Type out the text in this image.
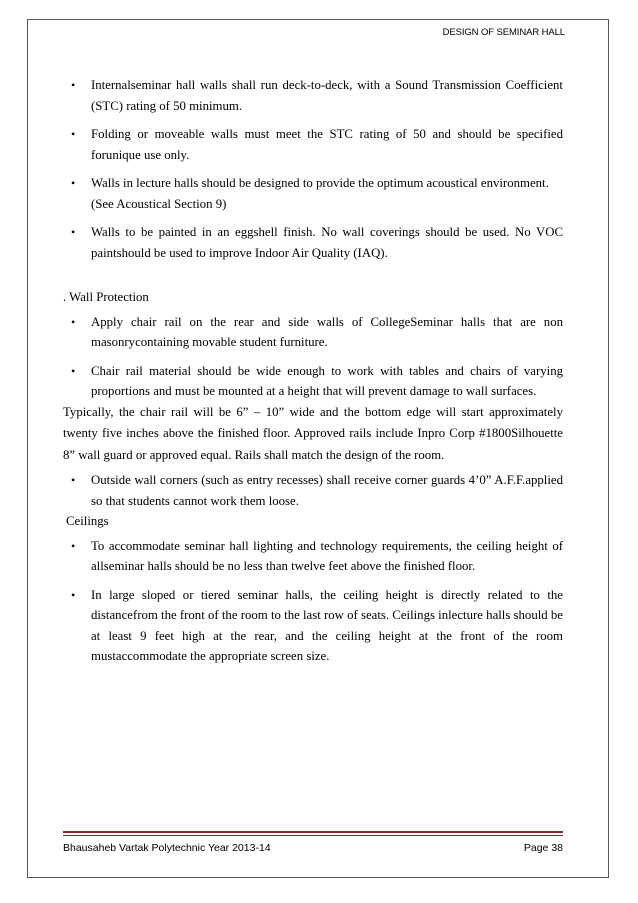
DESIGN OF SEMINAR HALL
• Internalseminar hall walls shall run deck-to-deck, with a Sound Transmission Coefficient (STC) rating of 50 minimum.
• Folding or moveable walls must meet the STC rating of 50 and should be specified forunique use only.
• Walls in lecture halls should be designed to provide the optimum acoustical environment.
(See Acoustical Section 9)
• Walls to be painted in an eggshell finish. No wall coverings should be used. No VOC paintshould be used to improve Indoor Air Quality (IAQ).
. Wall Protection
• Apply chair rail on the rear and side walls of CollegeSeminar halls that are non masonrycontaining movable student furniture.
• Chair rail material should be wide enough to work with tables and chairs of varying proportions and must be mounted at a height that will prevent damage to wall surfaces.

Typically, the chair rail will be 6” – 10” wide and the bottom edge will start approximately twenty five inches above the finished floor. Approved rails include Inpro Corp #1800Silhouette 8” wall guard or approved equal. Rails shall match the design of the room.

• Outside wall corners (such as entry recesses) shall receive corner guards 4’0” A.F.F.applied so that students cannot work them loose.
Ceilings
• To accommodate seminar hall lighting and technology requirements, the ceiling height of allseminar halls should be no less than twelve feet above the finished floor.
• In large sloped or tiered seminar halls, the ceiling height is directly related to the distancefrom the front of the room to the last row of seats. Ceilings inlecture halls should be at least 9 feet high at the rear, and the ceiling height at the front of the room mustaccommodate the appropriate screen size.
Bhausaheb Vartak Polytechnic Year 2013-14	Page 38
